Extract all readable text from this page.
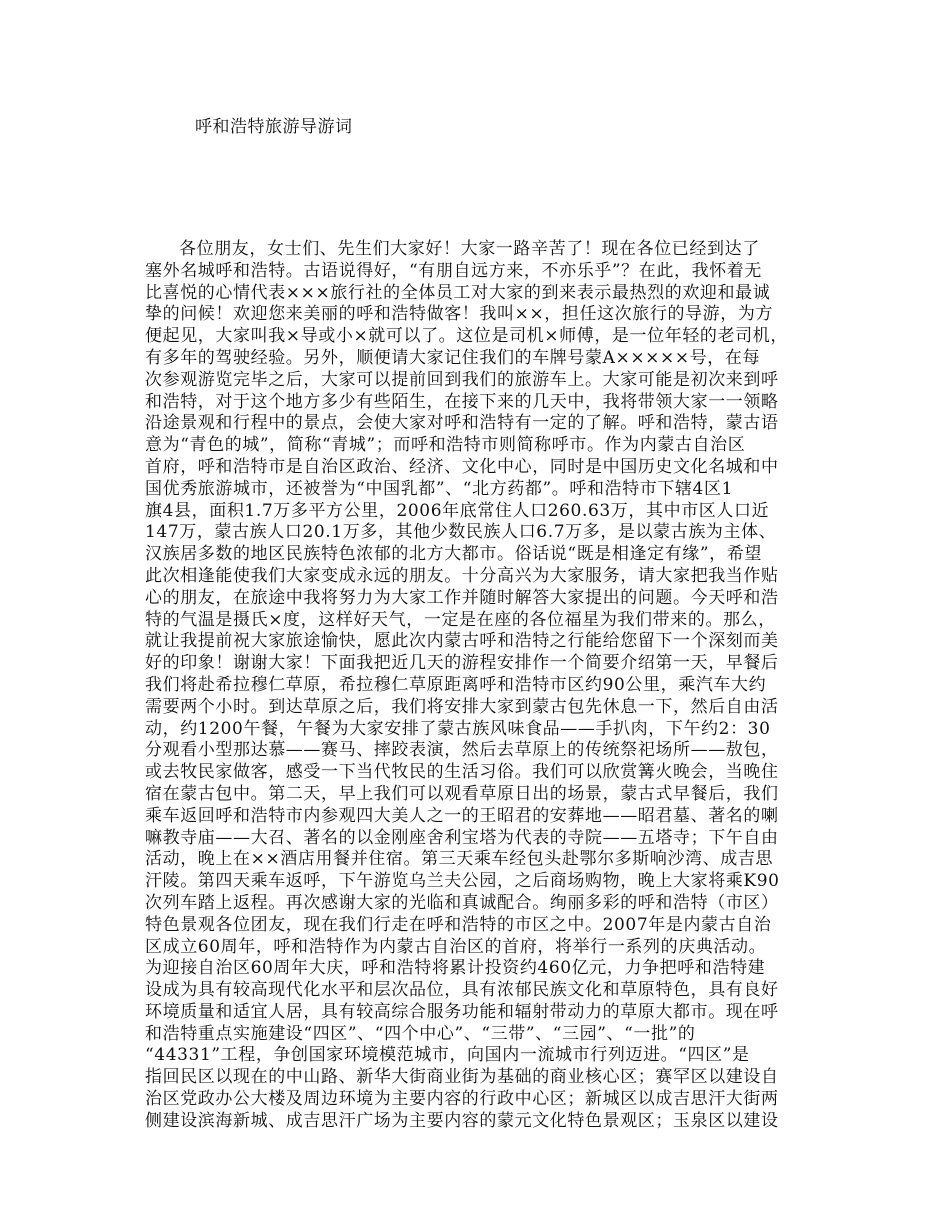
呼和浩特旅游导游词
各位朋友，女士们、先生们大家好！大家一路辛苦了！现在各位已经到达了
塞外名城呼和浩特。古语说得好，“有朋自远方来，不亦乐乎”？在此，我怀着无
比喜悦的心情代表×××旅行社的全体员工对大家的到来表示最热烈的欢迎和最诚
挚的问候！欢迎您来美丽的呼和浩特做客！我叫××，担任这次旅行的导游，为方
便起见，大家叫我×导或小×就可以了。这位是司机×师傅，是一位年轻的老司机，
有多年的驾驶经验。另外，顺便请大家记住我们的车牌号蒙A×××××号，在每
次参观游览完毕之后，大家可以提前回到我们的旅游车上。大家可能是初次来到呼
和浩特，对于这个地方多少有些陌生，在接下来的几天中，我将带领大家一一领略
沿途景观和行程中的景点，会使大家对呼和浩特有一定的了解。呼和浩特，蒙古语
意为“青色的城”，简称“青城”；而呼和浩特市则简称呼市。作为内蒙古自治区
首府，呼和浩特市是自治区政治、经济、文化中心，同时是中国历史文化名城和中
国优秀旅游城市，还被誉为“中国乳都”、“北方药都”。呼和浩特市下辖4区1
旗4县，面积1.7万多平方公里，2006年底常住人口260.63万，其中市区人口近
147万，蒙古族人口20.1万多，其他少数民族人口6.7万多，是以蒙古族为主体、
汉族居多数的地区民族特色浓郁的北方大都市。俗话说“既是相逢定有缘”，希望
此次相逢能使我们大家变成永远的朋友。十分高兴为大家服务，请大家把我当作贴
心的朋友，在旅途中我将努力为大家工作并随时解答大家提出的问题。今天呼和浩
特的气温是摄氏×度，这样好天气，一定是在座的各位福星为我们带来的。那么，
就让我提前祝大家旅途愉快，愿此次内蒙古呼和浩特之行能给您留下一个深刻而美
好的印象！谢谢大家！下面我把近几天的游程安排作一个简要介绍第一天，早餐后
我们将赴希拉穆仁草原，希拉穆仁草原距离呼和浩特市区约90公里，乘汽车大约
需要两个小时。到达草原之后，我们将安排大家到蒙古包先休息一下，然后自由活
动，约1200午餐，午餐为大家安排了蒙古族风味食品——手扒肉，下午约2：30
分观看小型那达慕——赛马、摔跤表演，然后去草原上的传统祭祀场所——敖包，
或去牧民家做客，感受一下当代牧民的生活习俗。我们可以欣赏篝火晚会，当晚住
宿在蒙古包中。第二天，早上我们可以观看草原日出的场景，蒙古式早餐后，我们
乘车返回呼和浩特市内参观四大美人之一的王昭君的安葬地——昭君墓、著名的喇
嘛教寺庙——大召、著名的以金刚座舍利宝塔为代表的寺院——五塔寺；下午自由
活动，晚上在××酒店用餐并住宿。第三天乘车经包头赴鄂尔多斯响沙湾、成吉思
汗陵。第四天乘车返呼，下午游览乌兰夫公园，之后商场购物，晚上大家将乘K90
次列车踏上返程。再次感谢大家的光临和真诚配合。绚丽多彩的呼和浩特（市区）
特色景观各位团友，现在我们行走在呼和浩特的市区之中。2007年是内蒙古自治
区成立60周年，呼和浩特作为内蒙古自治区的首府，将举行一系列的庆典活动。
为迎接自治区60周年大庆，呼和浩特将累计投资约460亿元，力争把呼和浩特建
设成为具有较高现代化水平和层次品位，具有浓郁民族文化和草原特色，具有良好
环境质量和适宜人居，具有较高综合服务功能和辐射带动力的草原大都市。现在呼
和浩特重点实施建设“四区”、“四个中心”、“三带”、“三园”、“一批”的
“44331”工程，争创国家环境模范城市，向国内一流城市行列迈进。“四区”是
指回民区以现在的中山路、新华大街商业街为基础的商业核心区；赛罕区以建设自
治区党政办公大楼及周边环境为主要内容的行政中心区；新城区以成吉思汗大街两
侧建设滨海新城、成吉思汗广场为主要内容的蒙元文化特色景观区；玉泉区以建设
